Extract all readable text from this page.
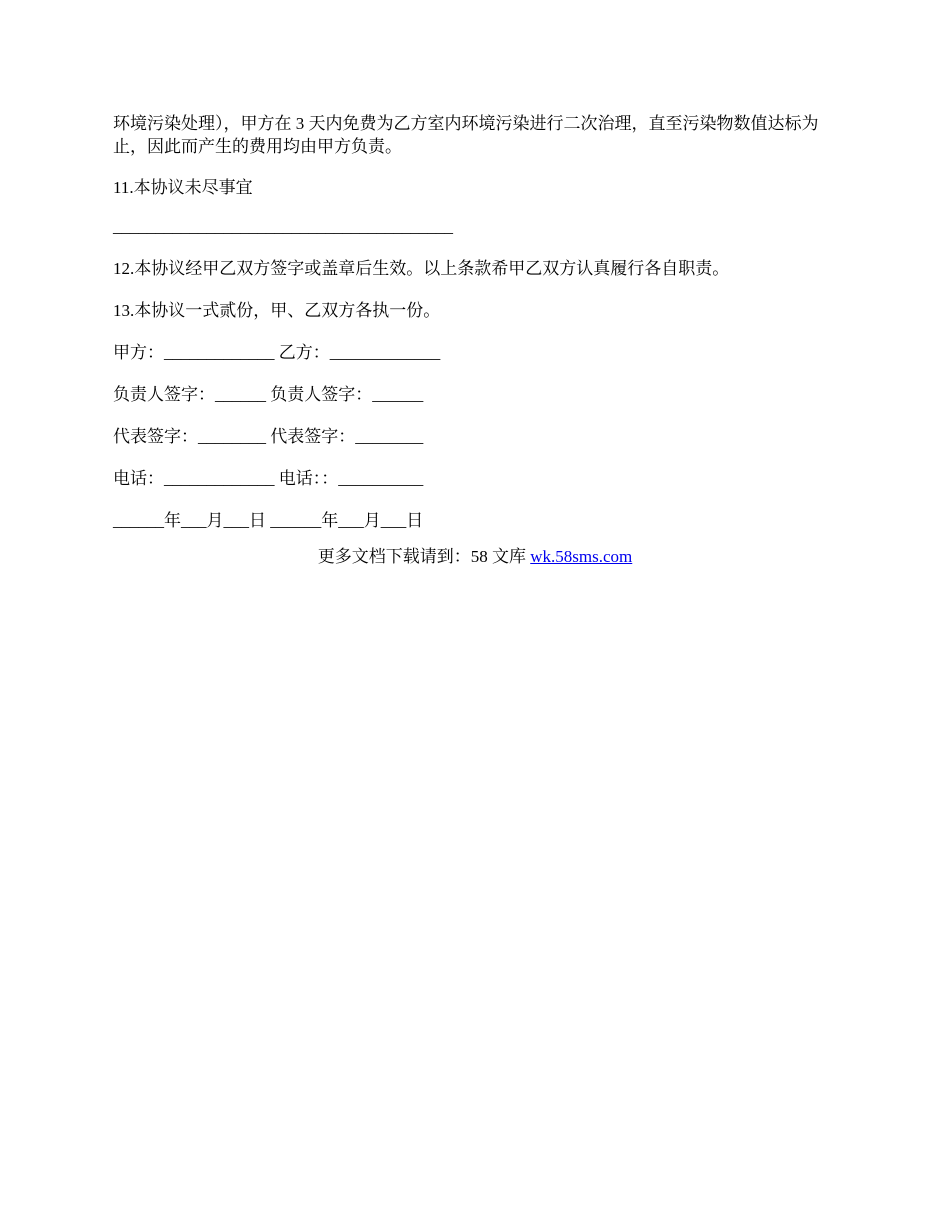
环境污染处理），甲方在 3 天内免费为乙方室内环境污染进行二次治理，直至污染物数值达标为止，因此而产生的费用均由甲方负责。

11.本协议未尽事宜

________________________________________

12.本协议经甲乙双方签字或盖章后生效。以上条款希甲乙双方认真履行各自职责。

13.本协议一式贰份，甲、乙双方各执一份。

甲方：_____________ 乙方：_____________

负责人签字：______ 负责人签字：______

代表签字：________ 代表签字：________

电话：_____________ 电话：：__________

______年___月___日 ______年___月___日

更多文档下载请到：58 文库 wk.58sms.com
